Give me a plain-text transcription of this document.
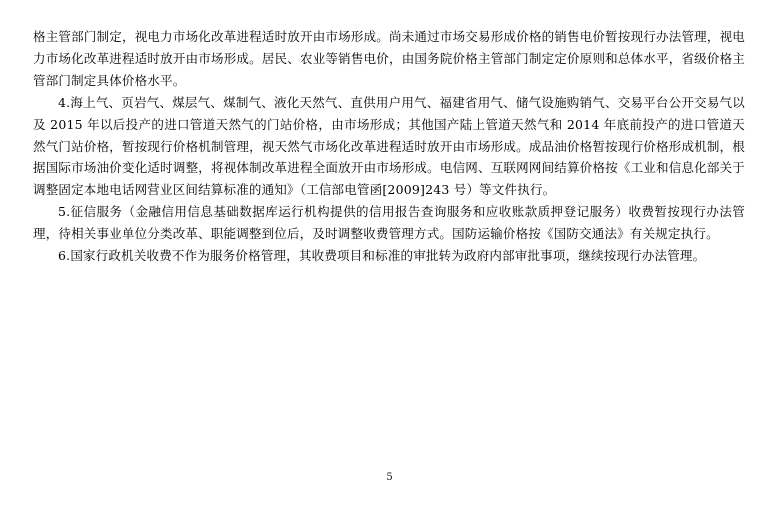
格主管部门制定，视电力市场化改革进程适时放开由市场形成。尚未通过市场交易形成价格的销售电价暂按现行办法管理，视电力市场化改革进程适时放开由市场形成。居民、农业等销售电价，由国务院价格主管部门制定定价原则和总体水平，省级价格主管部门制定具体价格水平。

4.海上气、页岩气、煤层气、煤制气、液化天然气、直供用户用气、福建省用气、储气设施购销气、交易平台公开交易气以及 2015 年以后投产的进口管道天然气的门站价格，由市场形成；其他国产陆上管道天然气和 2014 年底前投产的进口管道天然气门站价格，暂按现行价格机制管理，视天然气市场化改革进程适时放开由市场形成。成品油价格暂按现行价格形成机制，根据国际市场油价变化适时调整，将视体制改革进程全面放开由市场形成。电信网、互联网网间结算价格按《工业和信息化部关于调整固定本地电话网营业区间结算标准的通知》（工信部电管函[2009]243 号）等文件执行。

5.征信服务（金融信用信息基础数据库运行机构提供的信用报告查询服务和应收账款质押登记服务）收费暂按现行办法管理，待相关事业单位分类改革、职能调整到位后，及时调整收费管理方式。国防运输价格按《国防交通法》有关规定执行。

6.国家行政机关收费不作为服务价格管理，其收费项目和标准的审批转为政府内部审批事项，继续按现行办法管理。

5
